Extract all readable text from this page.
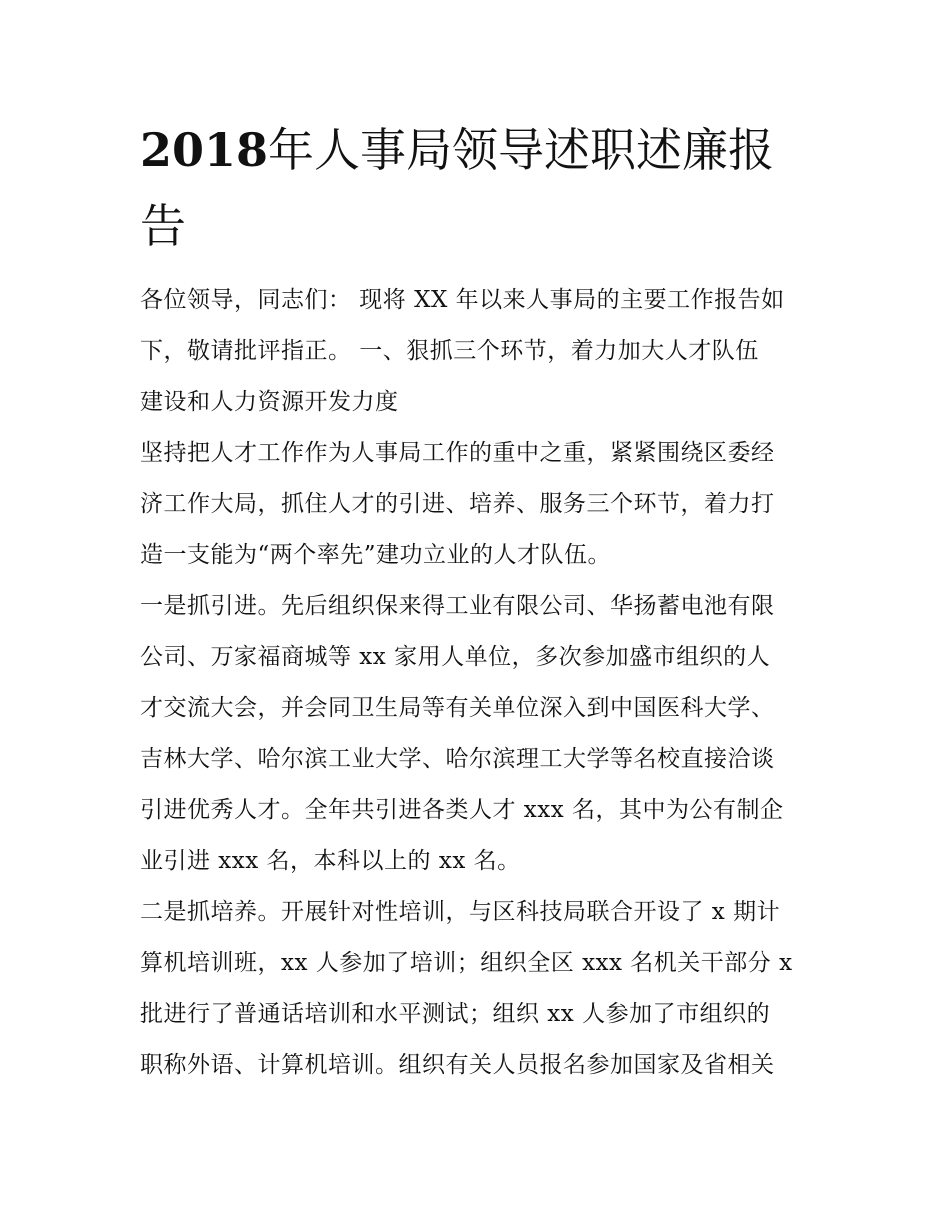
2018年人事局领导述职述廉报
告

各位领导，同志们： 现将 XX 年以来人事局的主要工作报告如
下，敬请批评指正。 一、狠抓三个环节，着力加大人才队伍
建设和人力资源开发力度

坚持把人才工作作为人事局工作的重中之重，紧紧围绕区委经
济工作大局，抓住人才的引进、培养、服务三个环节，着力打
造一支能为“两个率先”建功立业的人才队伍。

一是抓引进。先后组织保来得工业有限公司、华扬蓄电池有限
公司、万家福商城等 xx 家用人单位，多次参加盛市组织的人
才交流大会，并会同卫生局等有关单位深入到中国医科大学、
吉林大学、哈尔滨工业大学、哈尔滨理工大学等名校直接洽谈
引进优秀人才。全年共引进各类人才 xxx 名，其中为公有制企
业引进 xxx 名，本科以上的 xx 名。

二是抓培养。开展针对性培训，与区科技局联合开设了 x 期计
算机培训班，xx 人参加了培训；组织全区 xxx 名机关干部分 x
批进行了普通话培训和水平测试；组织 xx 人参加了市组织的
职称外语、计算机培训。组织有关人员报名参加国家及省相关
